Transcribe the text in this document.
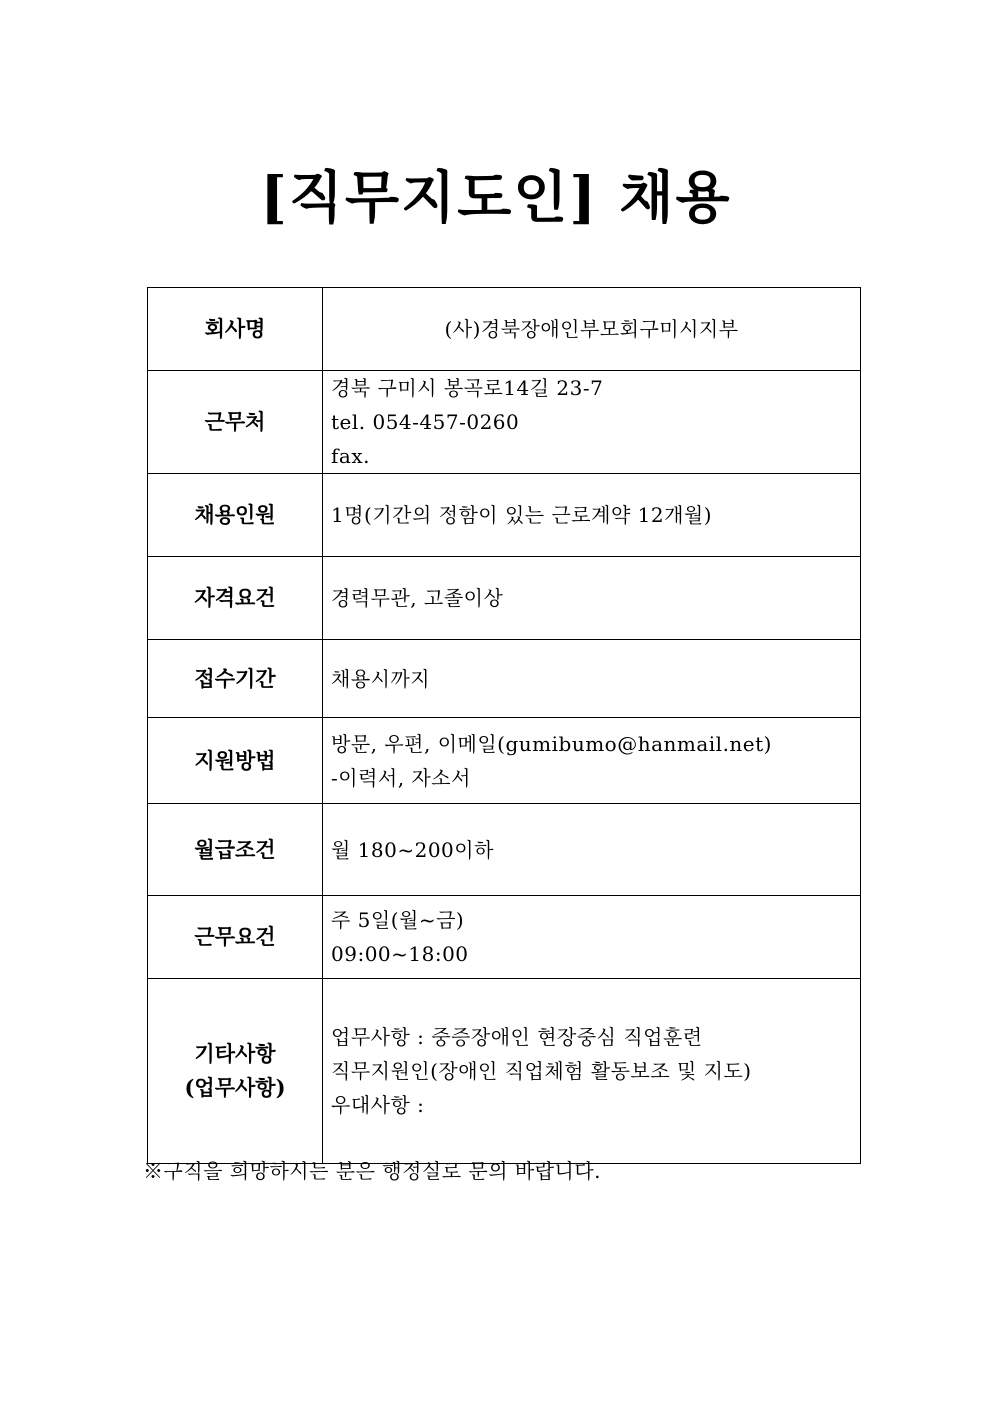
[직무지도인] 채용
회사명	(사)경북장애인부모회구미시지부
근무처	경북 구미시 봉곡로14길 23-7
tel. 054-457-0260
fax.

채용인원	1명(기간의 정함이 있는 근로계약 12개월)
자격요건	경력무관, 고졸이상
접수기간	채용시까지
지원방법	방문, 우편, 이메일(gumibumo@hanmail.net)
-이력서, 자소서

월급조건	월 180~200이하
근무요건	주 5일(월~금)
09:00~18:00

기타사항
(업무사항)	업무사항 : 중증장애인 현장중심 직업훈련
직무지원인(장애인 직업체험 활동보조 및 지도)
우대사항 :
※구직을 희망하시는 분은 행정실로 문의 바랍니다.
